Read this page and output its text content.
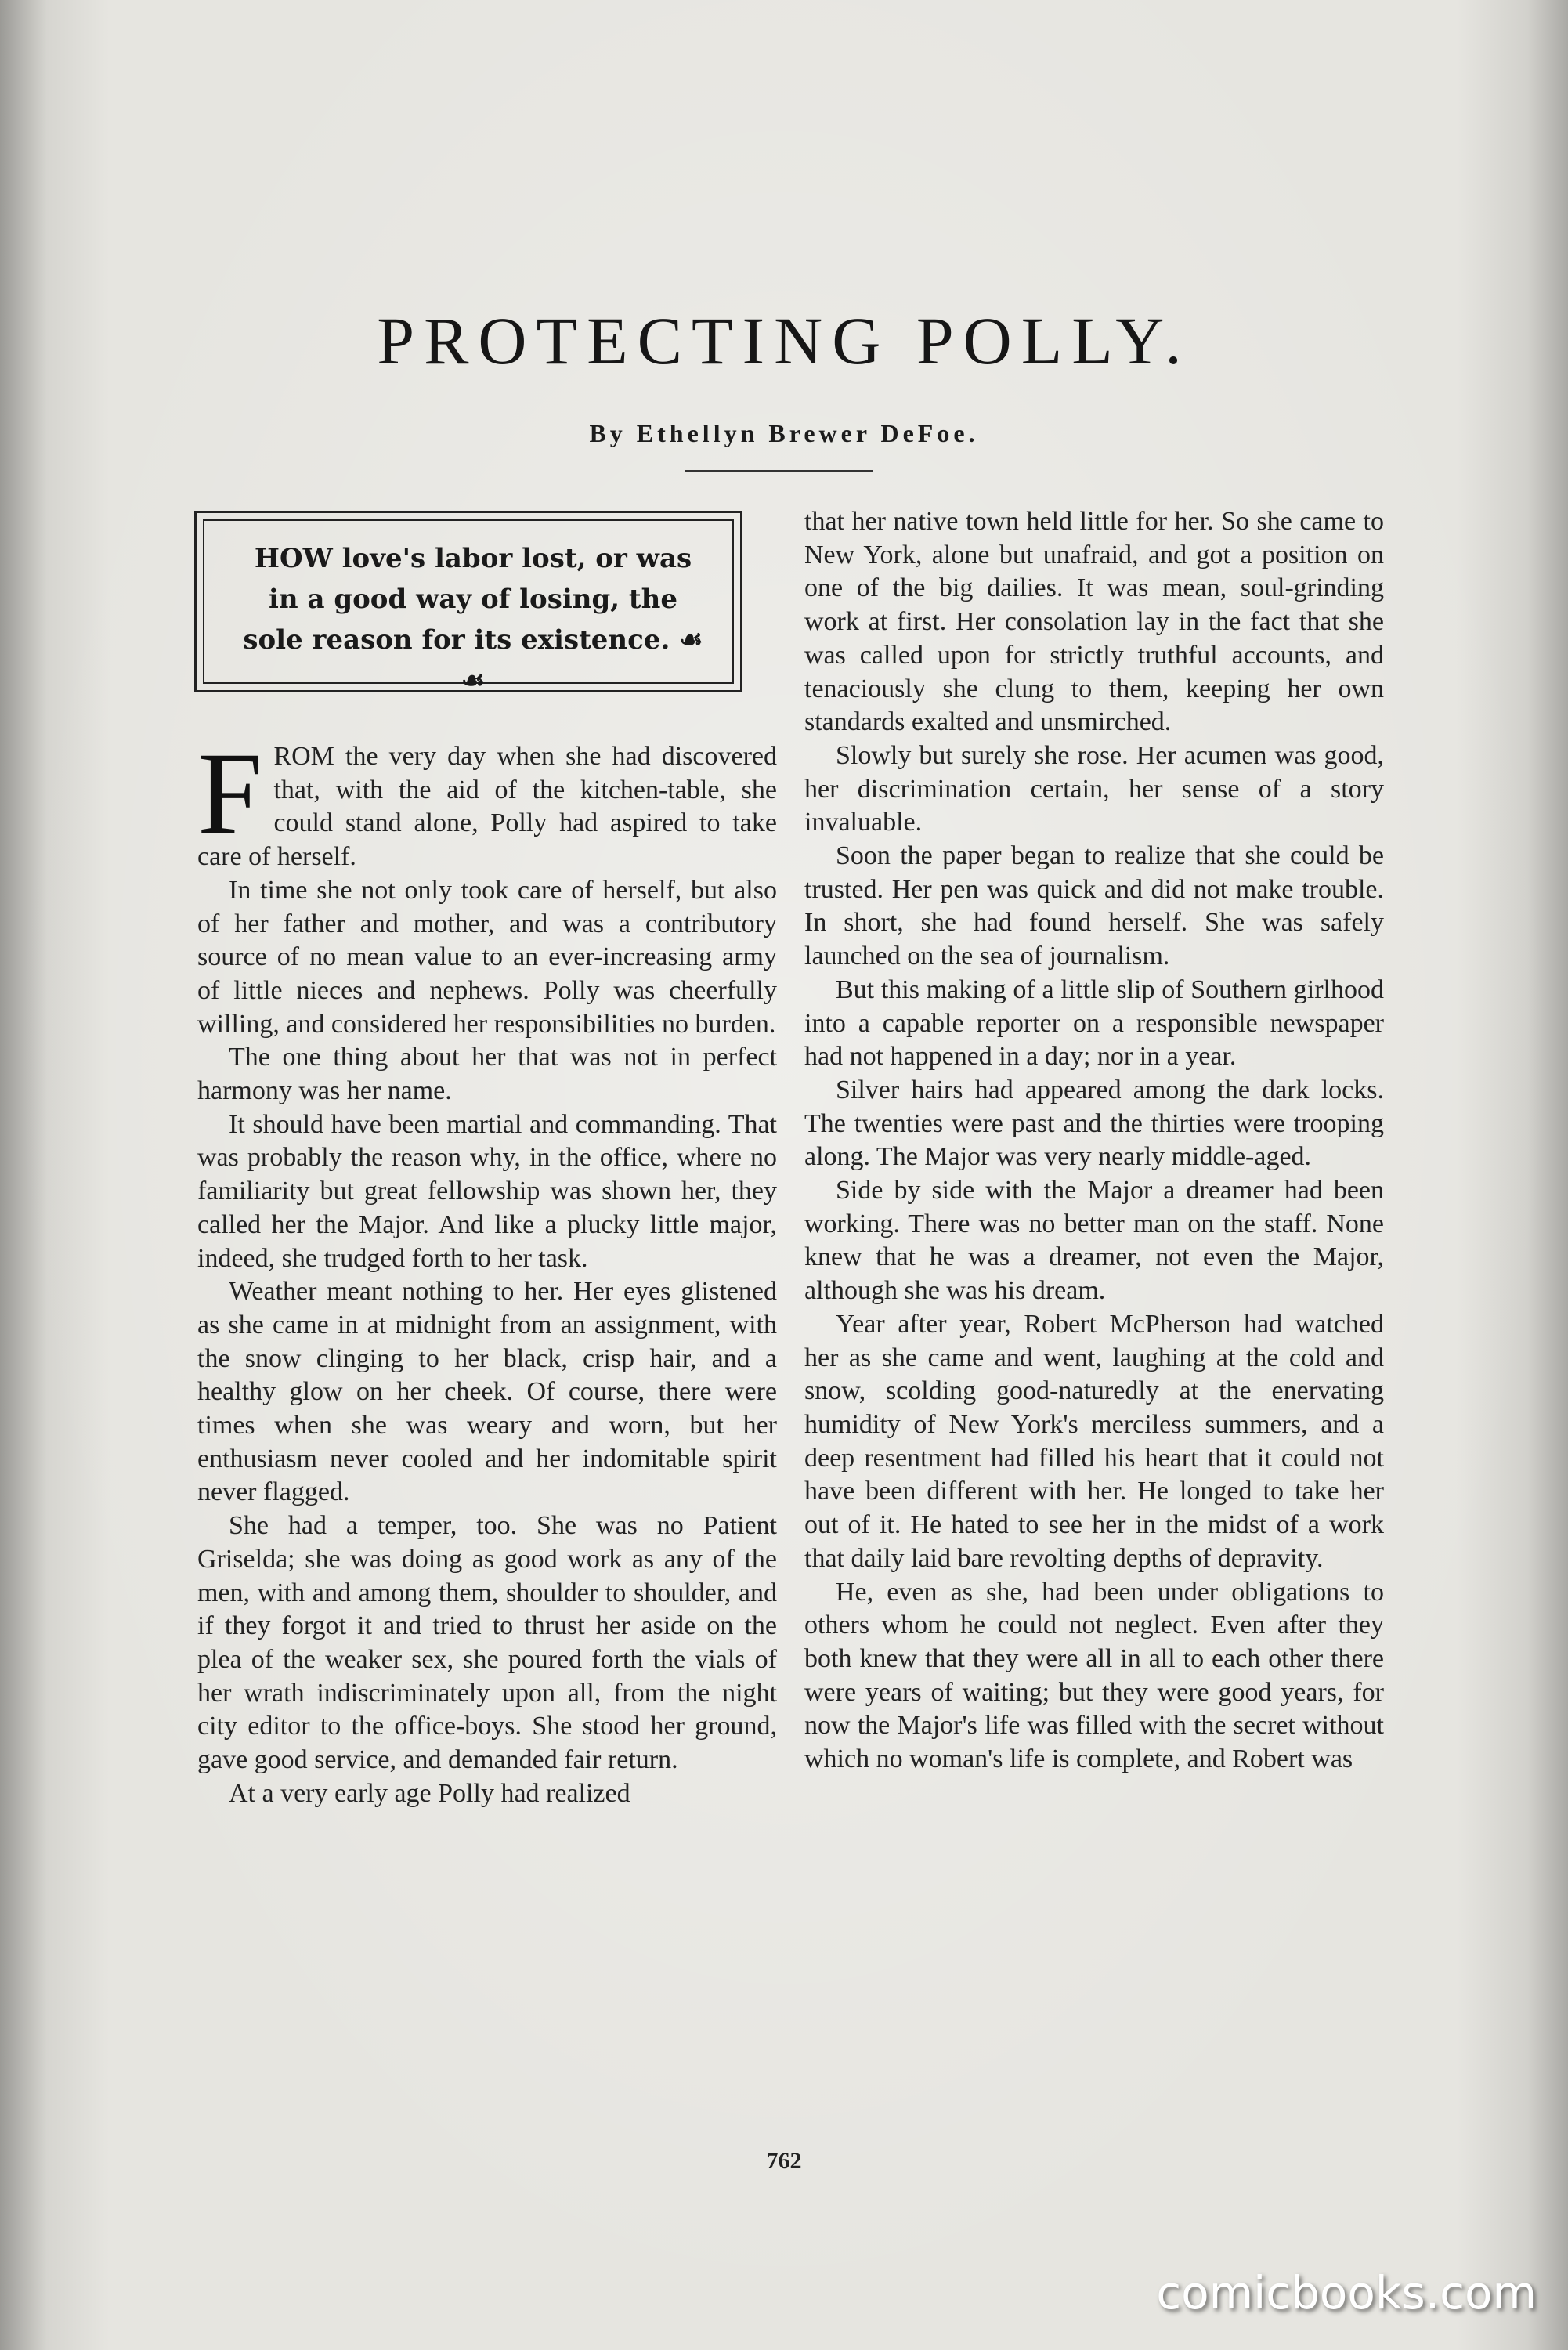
PROTECTING POLLY.
By Ethellyn Brewer DeFoe.
HOW love's labor lost, or was in a good way of losing, the sole reason for its existence. ☙ ☙

FROM the very day when she had discovered that, with the aid of the kitchen-table, she could stand alone, Polly had aspired to take care of herself.

In time she not only took care of herself, but also of her father and mother, and was a contributory source of no mean value to an ever-increasing army of little nieces and nephews. Polly was cheerfully willing, and considered her responsibilities no burden.

The one thing about her that was not in perfect harmony was her name.

It should have been martial and commanding. That was probably the reason why, in the office, where no familiarity but great fellowship was shown her, they called her the Major. And like a plucky little major, indeed, she trudged forth to her task.

Weather meant nothing to her. Her eyes glistened as she came in at midnight from an assignment, with the snow clinging to her black, crisp hair, and a healthy glow on her cheek. Of course, there were times when she was weary and worn, but her enthusiasm never cooled and her indomitable spirit never flagged.

She had a temper, too. She was no Patient Griselda; she was doing as good work as any of the men, with and among them, shoulder to shoulder, and if they forgot it and tried to thrust her aside on the plea of the weaker sex, she poured forth the vials of her wrath indiscriminately upon all, from the night city editor to the office-boys. She stood her ground, gave good service, and demanded fair return.

At a very early age Polly had realized

that her native town held little for her. So she came to New York, alone but unafraid, and got a position on one of the big dailies. It was mean, soul-grinding work at first. Her consolation lay in the fact that she was called upon for strictly truthful accounts, and tenaciously she clung to them, keeping her own standards exalted and unsmirched.

Slowly but surely she rose. Her acumen was good, her discrimination certain, her sense of a story invaluable.

Soon the paper began to realize that she could be trusted. Her pen was quick and did not make trouble. In short, she had found herself. She was safely launched on the sea of journalism.

But this making of a little slip of Southern girlhood into a capable reporter on a responsible newspaper had not happened in a day; nor in a year.

Silver hairs had appeared among the dark locks. The twenties were past and the thirties were trooping along. The Major was very nearly middle-aged.

Side by side with the Major a dreamer had been working. There was no better man on the staff. None knew that he was a dreamer, not even the Major, although she was his dream.

Year after year, Robert McPherson had watched her as she came and went, laughing at the cold and snow, scolding good-naturedly at the enervating humidity of New York's merciless summers, and a deep resentment had filled his heart that it could not have been different with her. He longed to take her out of it. He hated to see her in the midst of a work that daily laid bare revolting depths of depravity.

He, even as she, had been under obligations to others whom he could not neglect. Even after they both knew that they were all in all to each other there were years of waiting; but they were good years, for now the Major's life was filled with the secret without which no woman's life is complete, and Robert was

762
comicbooks.com
